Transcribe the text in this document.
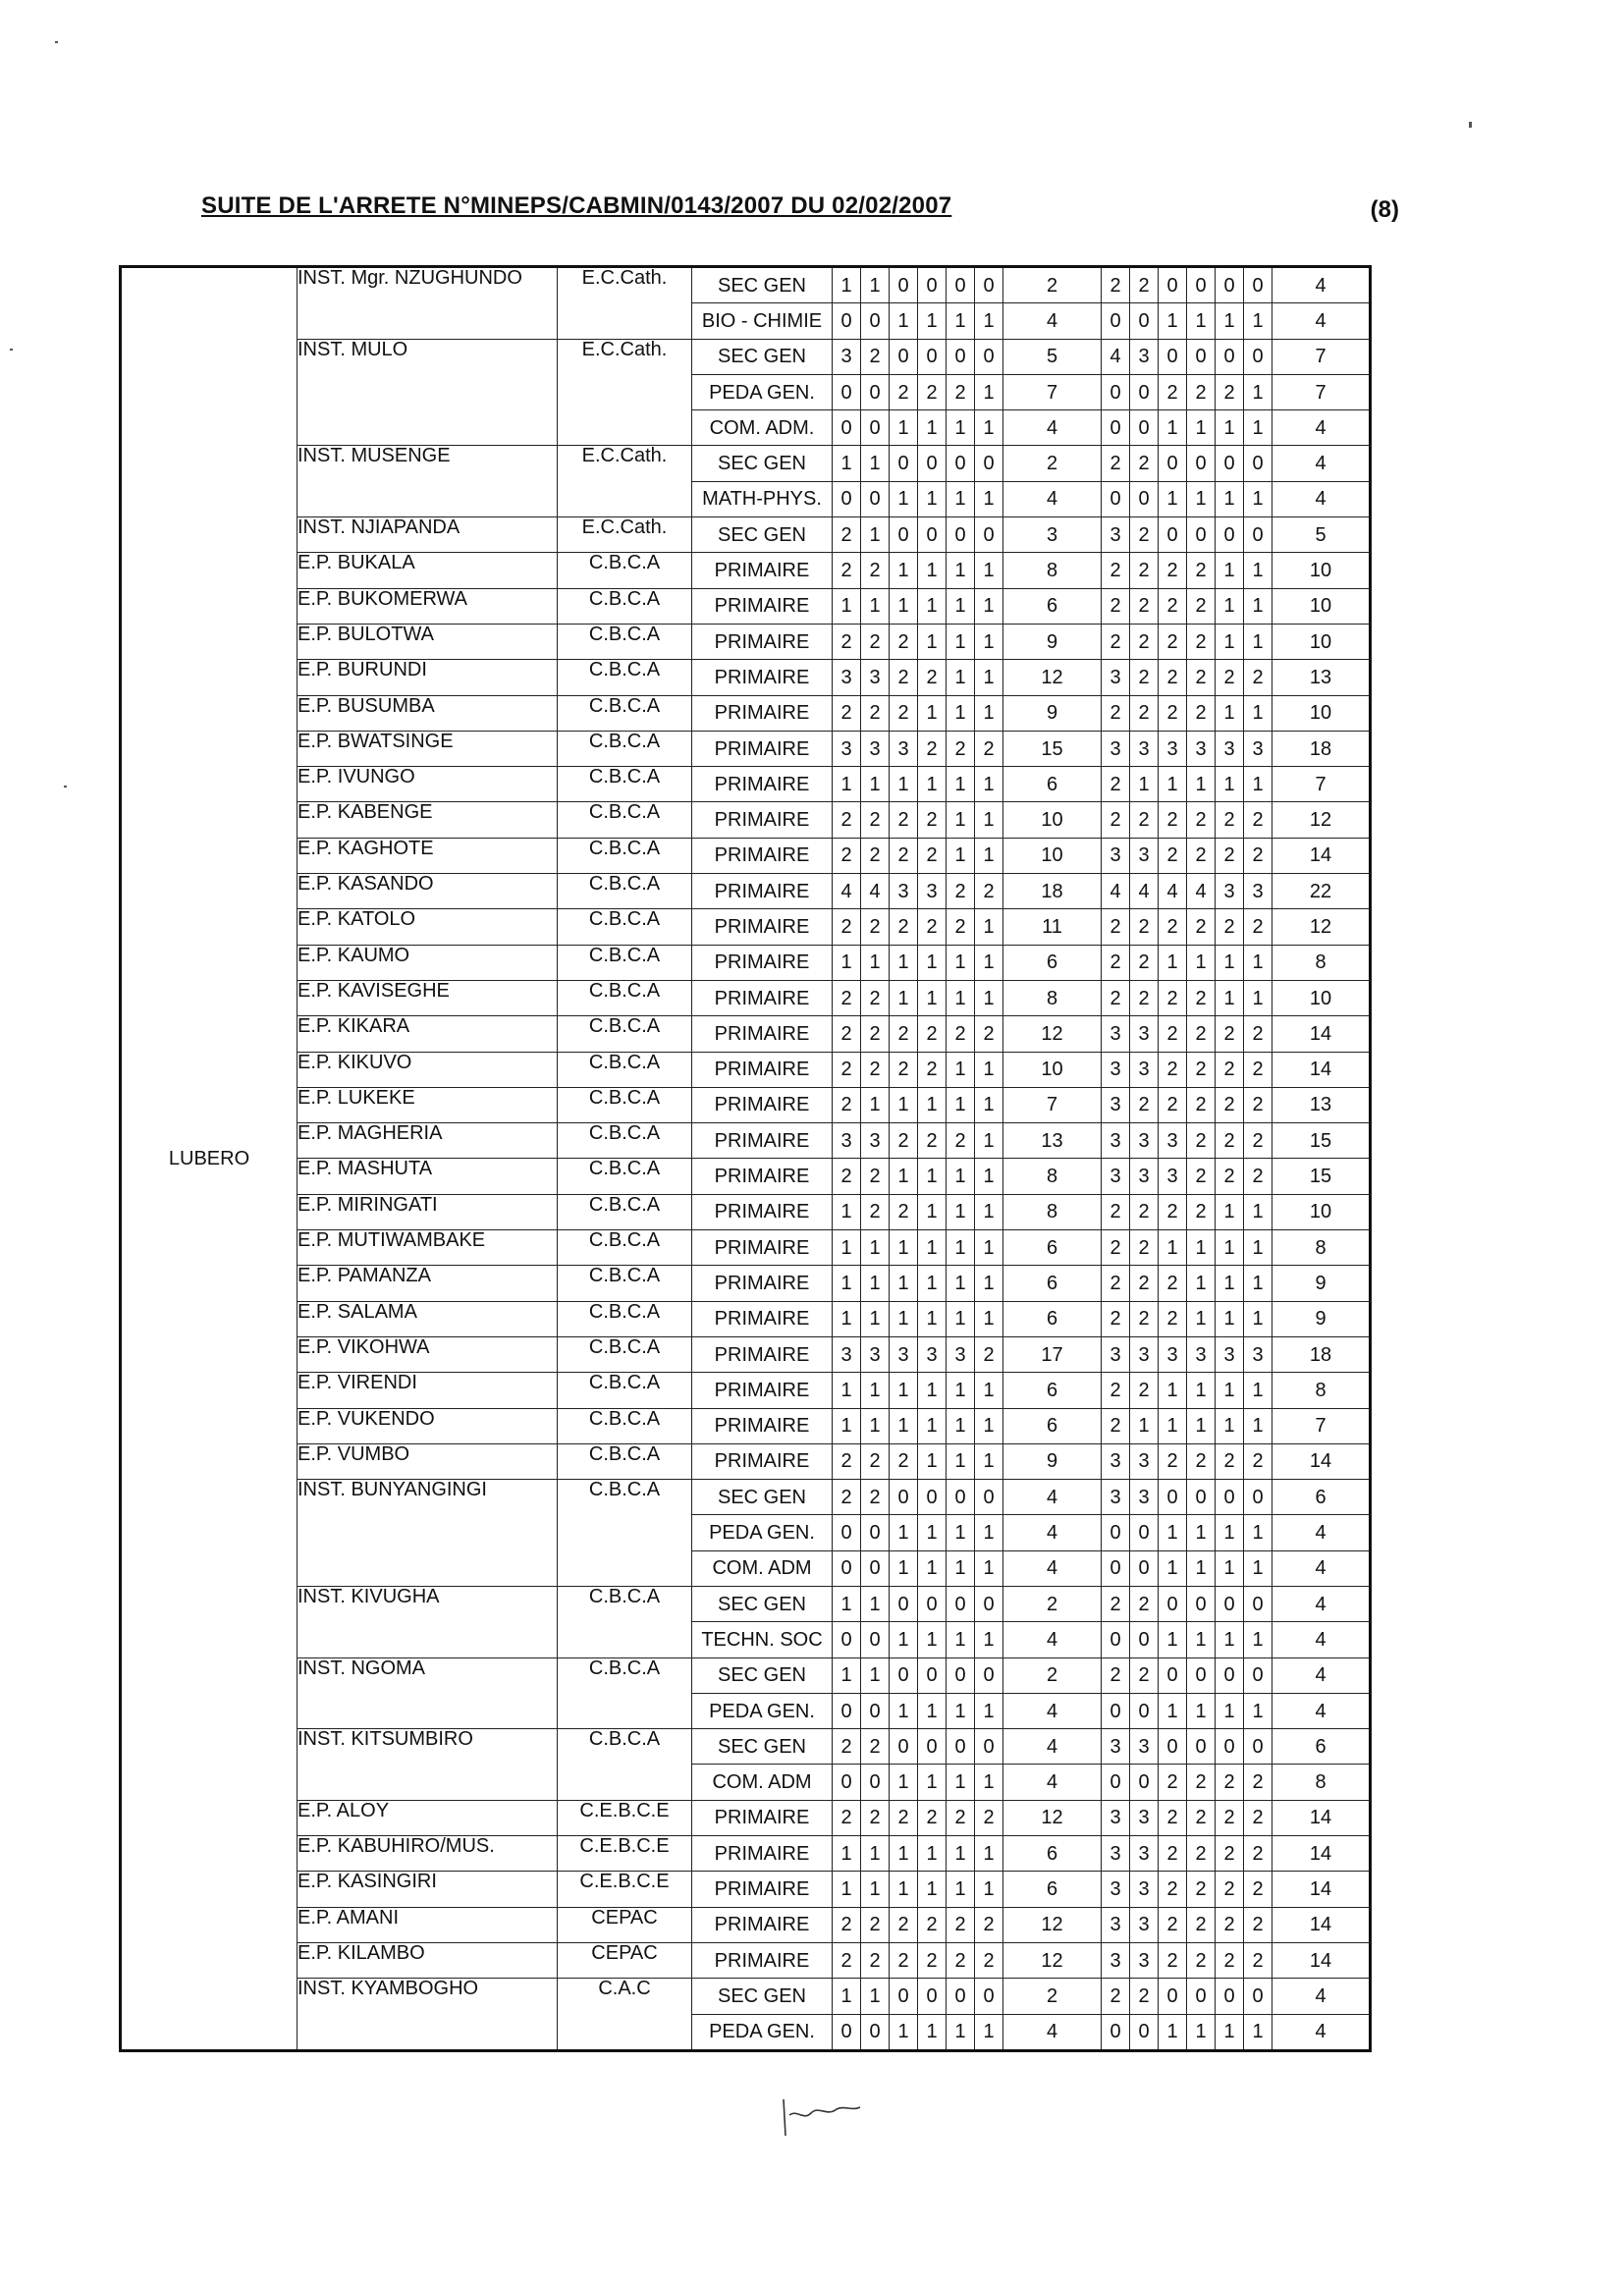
SUITE DE L'ARRETE N°MINEPS/CABMIN/0143/2007 DU 02/02/2007	(8)
LUBERO	INST. Mgr. NZUGHUNDO	E.C.Cath.	SEC GEN	1	1	0	0	0	0	2	2	2	0	0	0	0	4
			BIO - CHIMIE	0	0	1	1	1	1	4	0	0	1	1	1	1	4
	INST. MULO	E.C.Cath.	SEC GEN	3	2	0	0	0	0	5	4	3	0	0	0	0	7
			PEDA GEN.	0	0	2	2	2	1	7	0	0	2	2	2	1	7
			COM. ADM.	0	0	1	1	1	1	4	0	0	1	1	1	1	4
	INST. MUSENGE	E.C.Cath.	SEC GEN	1	1	0	0	0	0	2	2	2	0	0	0	0	4
			MATH-PHYS.	0	0	1	1	1	1	4	0	0	1	1	1	1	4
	INST. NJIAPANDA	E.C.Cath.	SEC GEN	2	1	0	0	0	0	3	3	2	0	0	0	0	5
	E.P. BUKALA	C.B.C.A	PRIMAIRE	2	2	1	1	1	1	8	2	2	2	2	1	1	10
	E.P. BUKOMERWA	C.B.C.A	PRIMAIRE	1	1	1	1	1	1	6	2	2	2	2	1	1	10
	E.P. BULOTWA	C.B.C.A	PRIMAIRE	2	2	2	1	1	1	9	2	2	2	2	1	1	10
	E.P. BURUNDI	C.B.C.A	PRIMAIRE	3	3	2	2	1	1	12	3	2	2	2	2	2	13
	E.P. BUSUMBA	C.B.C.A	PRIMAIRE	2	2	2	1	1	1	9	2	2	2	2	1	1	10
	E.P. BWATSINGE	C.B.C.A	PRIMAIRE	3	3	3	2	2	2	15	3	3	3	3	3	3	18
	E.P. IVUNGO	C.B.C.A	PRIMAIRE	1	1	1	1	1	1	6	2	1	1	1	1	1	7
	E.P. KABENGE	C.B.C.A	PRIMAIRE	2	2	2	2	1	1	10	2	2	2	2	2	2	12
	E.P. KAGHOTE	C.B.C.A	PRIMAIRE	2	2	2	2	1	1	10	3	3	2	2	2	2	14
	E.P. KASANDO	C.B.C.A	PRIMAIRE	4	4	3	3	2	2	18	4	4	4	4	3	3	22
	E.P. KATOLO	C.B.C.A	PRIMAIRE	2	2	2	2	2	1	11	2	2	2	2	2	2	12
	E.P. KAUMO	C.B.C.A	PRIMAIRE	1	1	1	1	1	1	6	2	2	1	1	1	1	8
	E.P. KAVISEGHE	C.B.C.A	PRIMAIRE	2	2	1	1	1	1	8	2	2	2	2	1	1	10
	E.P. KIKARA	C.B.C.A	PRIMAIRE	2	2	2	2	2	2	12	3	3	2	2	2	2	14
	E.P. KIKUVO	C.B.C.A	PRIMAIRE	2	2	2	2	1	1	10	3	3	2	2	2	2	14
	E.P. LUKEKE	C.B.C.A	PRIMAIRE	2	1	1	1	1	1	7	3	2	2	2	2	2	13
	E.P. MAGHERIA	C.B.C.A	PRIMAIRE	3	3	2	2	2	1	13	3	3	3	2	2	2	15
	E.P. MASHUTA	C.B.C.A	PRIMAIRE	2	2	1	1	1	1	8	3	3	3	2	2	2	15
	E.P. MIRINGATI	C.B.C.A	PRIMAIRE	1	2	2	1	1	1	8	2	2	2	2	1	1	10
	E.P. MUTIWAMBAKE	C.B.C.A	PRIMAIRE	1	1	1	1	1	1	6	2	2	1	1	1	1	8
	E.P. PAMANZA	C.B.C.A	PRIMAIRE	1	1	1	1	1	1	6	2	2	2	1	1	1	9
	E.P. SALAMA	C.B.C.A	PRIMAIRE	1	1	1	1	1	1	6	2	2	2	1	1	1	9
	E.P. VIKOHWA	C.B.C.A	PRIMAIRE	3	3	3	3	3	2	17	3	3	3	3	3	3	18
	E.P. VIRENDI	C.B.C.A	PRIMAIRE	1	1	1	1	1	1	6	2	2	1	1	1	1	8
	E.P. VUKENDO	C.B.C.A	PRIMAIRE	1	1	1	1	1	1	6	2	1	1	1	1	1	7
	E.P. VUMBO	C.B.C.A	PRIMAIRE	2	2	2	1	1	1	9	3	3	2	2	2	2	14
	INST. BUNYANGINGI	C.B.C.A	SEC GEN	2	2	0	0	0	0	4	3	3	0	0	0	0	6
			PEDA GEN.	0	0	1	1	1	1	4	0	0	1	1	1	1	4
			COM. ADM	0	0	1	1	1	1	4	0	0	1	1	1	1	4
	INST. KIVUGHA	C.B.C.A	SEC GEN	1	1	0	0	0	0	2	2	2	0	0	0	0	4
			TECHN. SOC	0	0	1	1	1	1	4	0	0	1	1	1	1	4
	INST. NGOMA	C.B.C.A	SEC GEN	1	1	0	0	0	0	2	2	2	0	0	0	0	4
			PEDA GEN.	0	0	1	1	1	1	4	0	0	1	1	1	1	4
	INST. KITSUMBIRO	C.B.C.A	SEC GEN	2	2	0	0	0	0	4	3	3	0	0	0	0	6
			COM. ADM	0	0	1	1	1	1	4	0	0	2	2	2	2	8
	E.P. ALOY	C.E.B.C.E	PRIMAIRE	2	2	2	2	2	2	12	3	3	2	2	2	2	14
	E.P. KABUHIRO/MUS.	C.E.B.C.E	PRIMAIRE	1	1	1	1	1	1	6	3	3	2	2	2	2	14
	E.P. KASINGIRI	C.E.B.C.E	PRIMAIRE	1	1	1	1	1	1	6	3	3	2	2	2	2	14
	E.P. AMANI	CEPAC	PRIMAIRE	2	2	2	2	2	2	12	3	3	2	2	2	2	14
	E.P. KILAMBO	CEPAC	PRIMAIRE	2	2	2	2	2	2	12	3	3	2	2	2	2	14
	INST. KYAMBOGHO	C.A.C	SEC GEN	1	1	0	0	0	0	2	2	2	0	0	0	0	4
			PEDA GEN.	0	0	1	1	1	1	4	0	0	1	1	1	1	4
